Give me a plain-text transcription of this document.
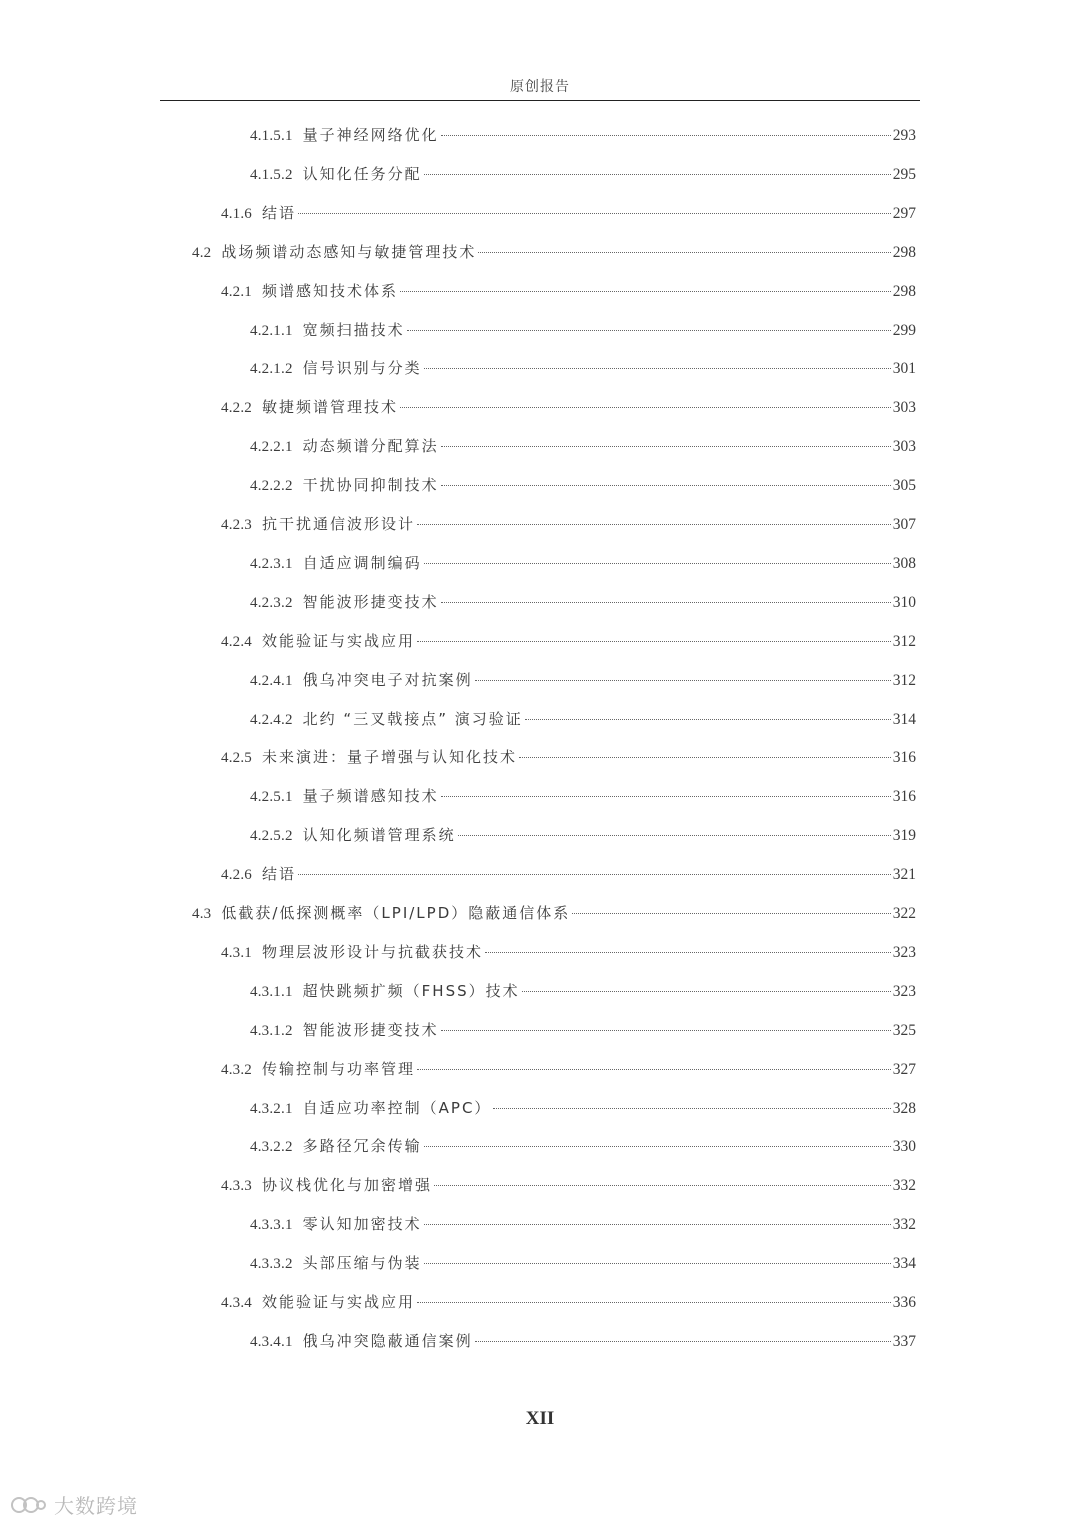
原创报告
4.1.5.1 量子神经网络优化	293
4.1.5.2 认知化任务分配	295
4.1.6 结语	297
4.2 战场频谱动态感知与敏捷管理技术	298
4.2.1 频谱感知技术体系	298
4.2.1.1 宽频扫描技术	299
4.2.1.2 信号识别与分类	301
4.2.2 敏捷频谱管理技术	303
4.2.2.1 动态频谱分配算法	303
4.2.2.2 干扰协同抑制技术	305
4.2.3 抗干扰通信波形设计	307
4.2.3.1 自适应调制编码	308
4.2.3.2 智能波形捷变技术	310
4.2.4 效能验证与实战应用	312
4.2.4.1 俄乌冲突电子对抗案例	312
4.2.4.2 北约 “三叉戟接点” 演习验证	314
4.2.5 未来演进：量子增强与认知化技术	316
4.2.5.1 量子频谱感知技术	316
4.2.5.2 认知化频谱管理系统	319
4.2.6 结语	321
4.3 低截获/低探测概率（LPI/LPD）隐蔽通信体系	322
4.3.1 物理层波形设计与抗截获技术	323
4.3.1.1 超快跳频扩频（FHSS）技术	323
4.3.1.2 智能波形捷变技术	325
4.3.2 传输控制与功率管理	327
4.3.2.1 自适应功率控制（APC）	328
4.3.2.2 多路径冗余传输	330
4.3.3 协议栈优化与加密增强	332
4.3.3.1 零认知加密技术	332
4.3.3.2 头部压缩与伪装	334
4.3.4 效能验证与实战应用	336
4.3.4.1 俄乌冲突隐蔽通信案例	337
XII
大数跨境
